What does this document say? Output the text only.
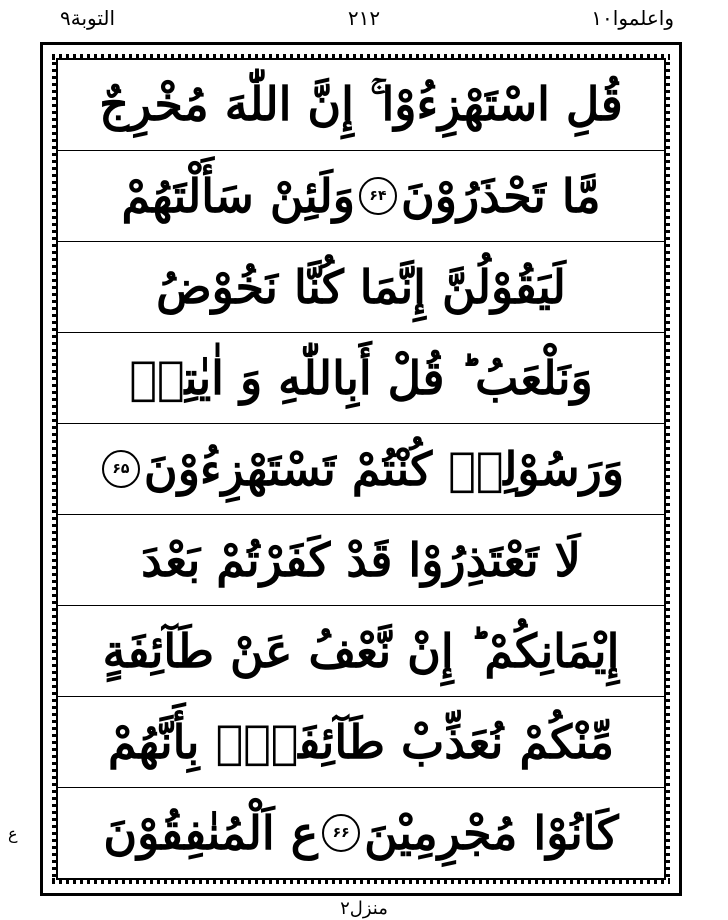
التوبة۹	۲۱۲	واعلموا۱۰
قُلِ اسْتَهْزِءُوْا ۚ إِنَّ اللّٰهَ مُخْرِجٌ
مَّا تَحْذَرُوْنَ
۶۴
وَلَئِنْ سَأَلْتَهُمْ
لَيَقُوْلُنَّ إِنَّمَا كُنَّا نَخُوْضُ
وَنَلْعَبُ ؕ قُلْ أَبِاللّٰهِ وَ اٰيٰتِهٖ
وَرَسُوْلِهٖ كُنْتُمْ تَسْتَهْزِءُوْنَ
۶۵
لَا تَعْتَذِرُوْا قَدْ كَفَرْتُمْ بَعْدَ
إِيْمَانِكُمْ ؕ إِنْ نَّعْفُ عَنْ طَآئِفَةٍ
مِّنْكُمْ نُعَذِّبْ طَآئِفَةًۢ بِأَنَّهُمْ
كَانُوْا مُجْرِمِيْنَ
۶۶
ع اَلْمُنٰفِقُوْنَ
ع
منزل۲
